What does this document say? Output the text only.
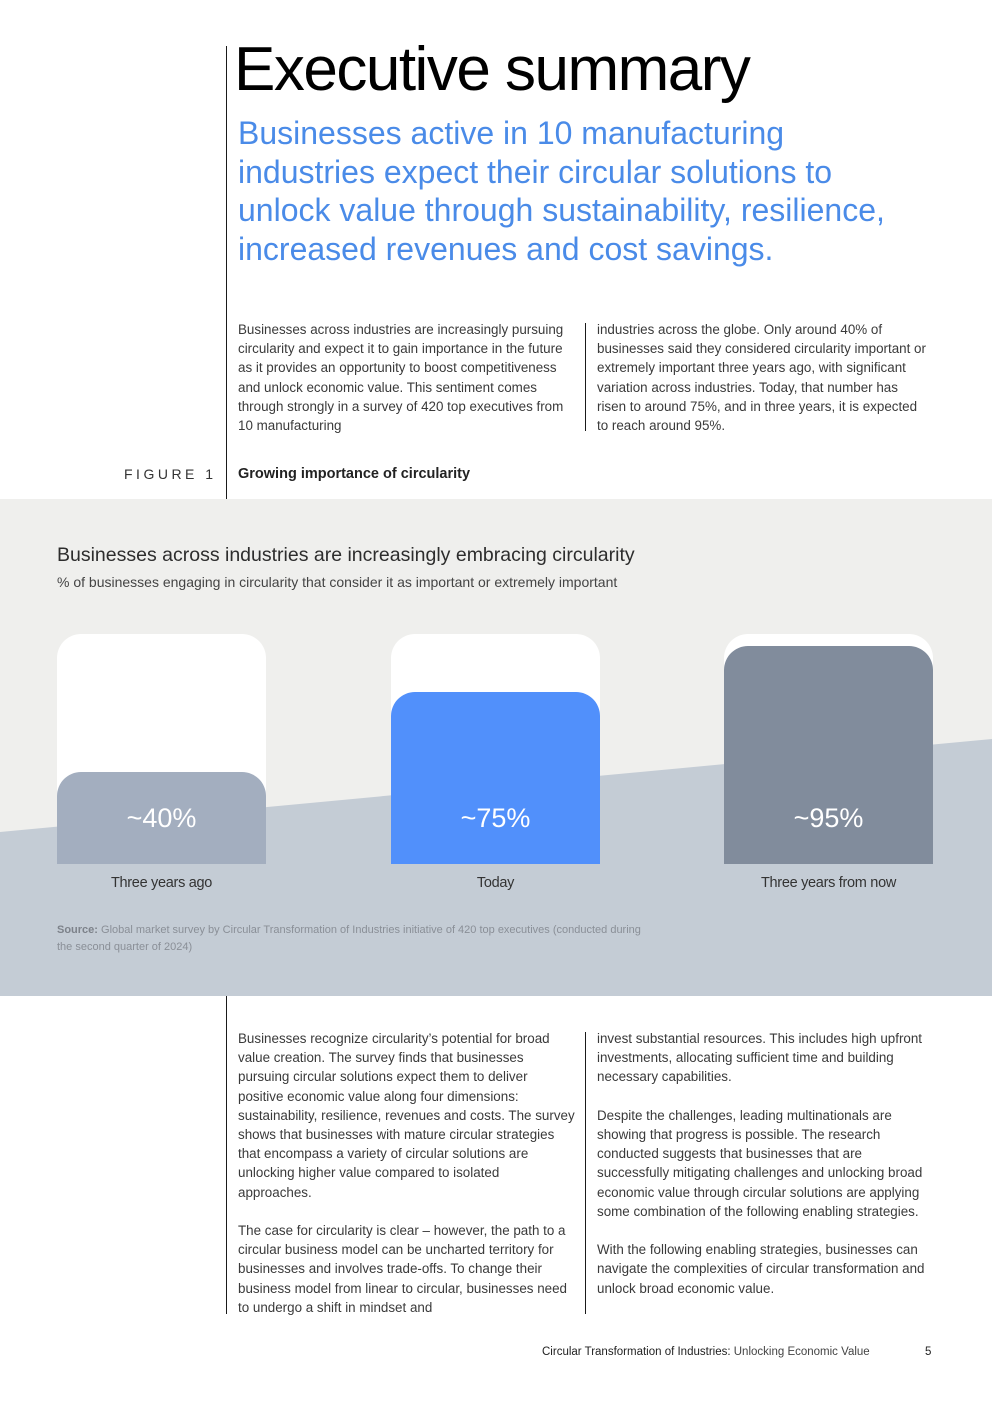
Executive summary

Businesses active in 10 manufacturing industries expect their circular solutions to unlock value through sustainability, resilience, increased revenues and cost savings.

Businesses across industries are increasingly pursuing circularity and expect it to gain importance in the future as it provides an opportunity to boost competitiveness and unlock economic value. This sentiment comes through strongly in a survey of 420 top executives from 10 manufacturing

industries across the globe. Only around 40% of businesses said they considered circularity important or extremely important three years ago, with significant variation across industries. Today, that number has risen to around 75%, and in three years, it is expected to reach around 95%.

FIGURE 1 Growing importance of circularity
Businesses across industries are increasingly embracing circularity
% of businesses engaging in circularity that consider it as important or extremely important
~40%	~75%	~95%
Three years ago	Today	Three years from now
Source: Global market survey by Circular Transformation of Industries initiative of 420 top executives (conducted during the second quarter of 2024)

Businesses recognize circularity’s potential for broad value creation. The survey finds that businesses pursuing circular solutions expect them to deliver positive economic value along four dimensions: sustainability, resilience, revenues and costs. The survey shows that businesses with mature circular strategies that encompass a variety of circular solutions are unlocking higher value compared to isolated approaches.

The case for circularity is clear – however, the path to a circular business model can be uncharted territory for businesses and involves trade-offs. To change their business model from linear to circular, businesses need to undergo a shift in mindset and

invest substantial resources. This includes high upfront investments, allocating sufficient time and building necessary capabilities.

Despite the challenges, leading multinationals are showing that progress is possible. The research conducted suggests that businesses that are successfully mitigating challenges and unlocking broad economic value through circular solutions are applying some combination of the following enabling strategies.

With the following enabling strategies, businesses can navigate the complexities of circular transformation and unlock broad economic value.

Circular Transformation of Industries: Unlocking Economic Value	5
